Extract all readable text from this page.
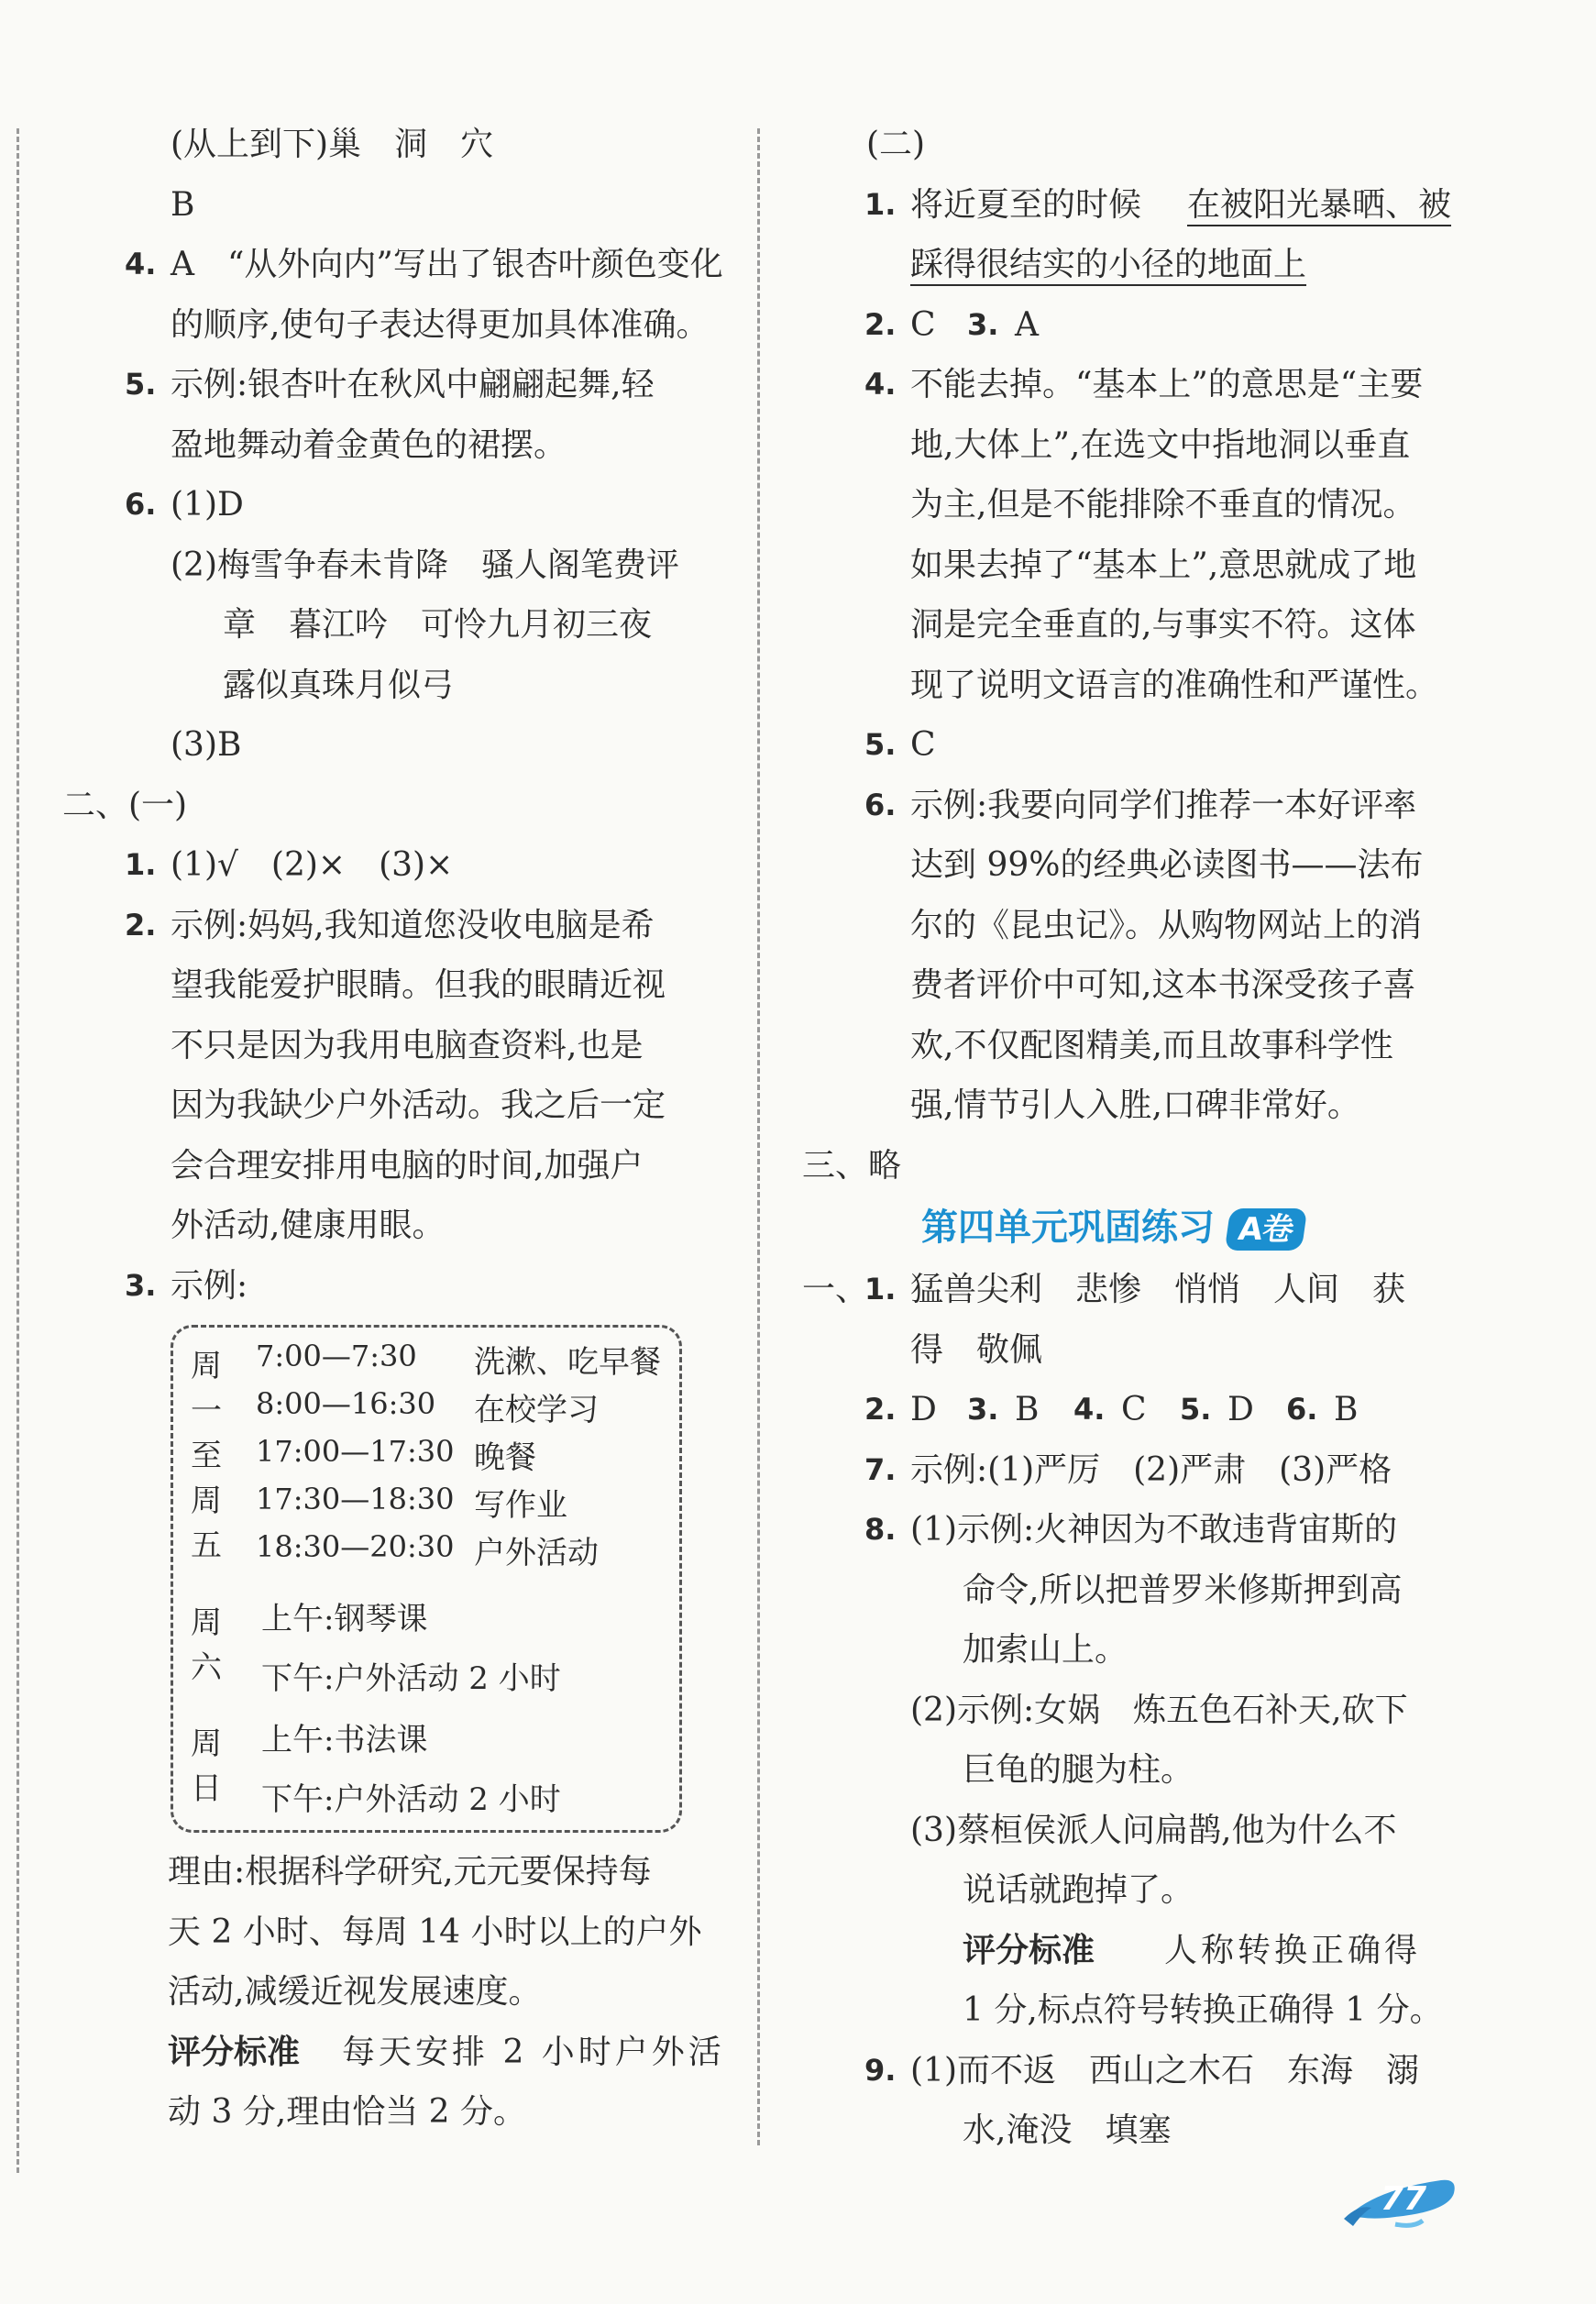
(从上到下)巢　洞　穴
B
4. A　“从外向内”写出了银杏叶颜色变化
的顺序,使句子表达得更加具体准确。
5. 示例:银杏叶在秋风中翩翩起舞,轻
盈地舞动着金黄色的裙摆。
6. (1)D
(2)梅雪争春未肯降　骚人阁笔费评
章　暮江吟　可怜九月初三夜
露似真珠月似弓
(3)B
二、(一)
1. (1)√　(2)×　(3)×
2. 示例:妈妈,我知道您没收电脑是希
望我能爱护眼睛。但我的眼睛近视
不只是因为我用电脑查资料,也是
因为我缺少户外活动。我之后一定
会合理安排用电脑的时间,加强户
外活动,健康用眼。
3. 示例:
周
一
至
周
五
7:00—7:30 洗漱、吃早餐
8:00—16:30 在校学习
17:00—17:30 晚餐
17:30—18:30 写作业
18:30—20:30 户外活动
周
六
上午:钢琴课
下午:户外活动 2 小时
周
日
上午:书法课
下午:户外活动 2 小时
理由:根据科学研究,元元要保持每
天 2 小时、每周 14 小时以上的户外
活动,减缓近视发展速度。
评分标准 每天安排 2 小时户外活
动 3 分,理由恰当 2 分。
(二)
1. 将近夏至的时候 在被阳光暴晒、被
踩得很结实的小径的地面上
2. C 3. A
4. 不能去掉。“基本上”的意思是“主要
地,大体上”,在选文中指地洞以垂直
为主,但是不能排除不垂直的情况。
如果去掉了“基本上”,意思就成了地
洞是完全垂直的,与事实不符。这体
现了说明文语言的准确性和严谨性。
5. C
6. 示例:我要向同学们推荐一本好评率
达到 99%的经典必读图书——法布
尔的《昆虫记》。从购物网站上的消
费者评价中可知,这本书深受孩子喜
欢,不仅配图精美,而且故事科学性
强,情节引人入胜,口碑非常好。
三、略
第四单元巩固练习 A卷
一、
1. 猛兽尖利　悲惨　悄悄　人间　获
得　敬佩
2. D 3. B 4. C 5. D 6. B
7. 示例:(1)严厉　(2)严肃　(3)严格
8. (1)示例:火神因为不敢违背宙斯的
命令,所以把普罗米修斯押到高
加索山上。
(2)示例:女娲　炼五色石补天,砍下
巨龟的腿为柱。
(3)蔡桓侯派人问扁鹊,他为什么不
说话就跑掉了。
评分标准 人称转换正确得
1 分,标点符号转换正确得 1 分。
9. (1)而不返　西山之木石　东海　溺
水,淹没　填塞
77
